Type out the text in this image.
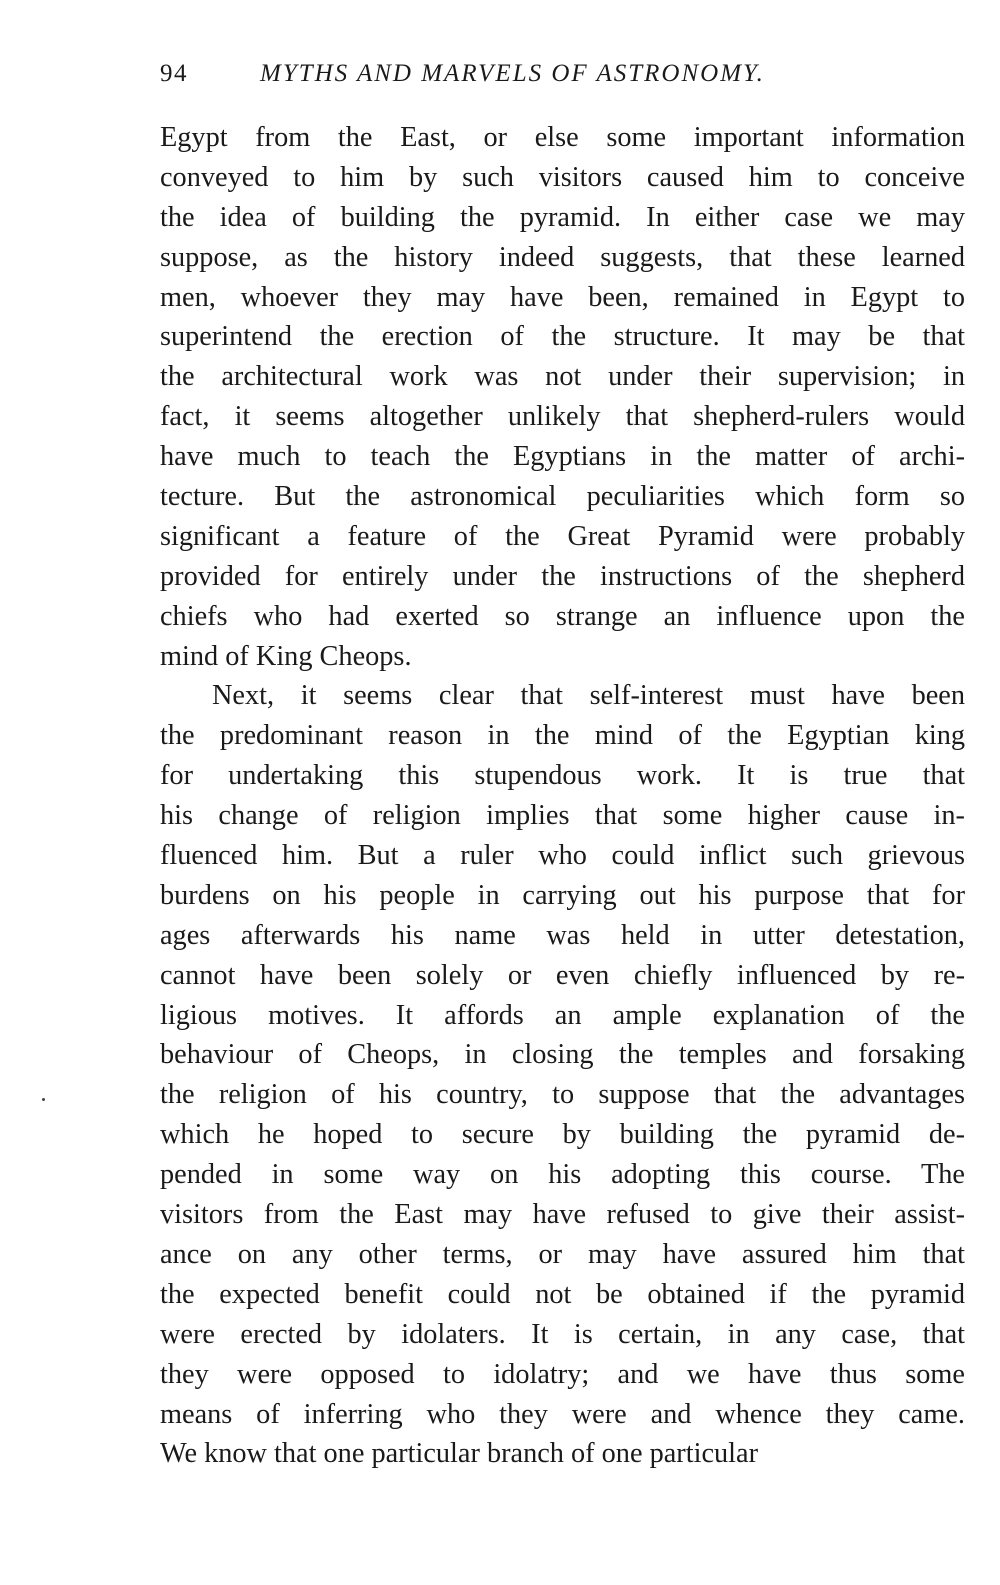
94	MYTHS AND MARVELS OF ASTRONOMY.
Egypt from the East, or else some important information
conveyed to him by such visitors caused him to conceive
the idea of building the pyramid. In either case we may
suppose, as the history indeed suggests, that these learned
men, whoever they may have been, remained in Egypt to
superintend the erection of the structure. It may be that
the architectural work was not under their supervision; in
fact, it seems altogether unlikely that shepherd-rulers would
have much to teach the Egyptians in the matter of archi-
tecture. But the astronomical peculiarities which form so
significant a feature of the Great Pyramid were probably
provided for entirely under the instructions of the shepherd
chiefs who had exerted so strange an influence upon the
mind of King Cheops.
Next, it seems clear that self-interest must have been
the predominant reason in the mind of the Egyptian king
for undertaking this stupendous work. It is true that
his change of religion implies that some higher cause in-
fluenced him. But a ruler who could inflict such grievous
burdens on his people in carrying out his purpose that for
ages afterwards his name was held in utter detestation,
cannot have been solely or even chiefly influenced by re-
ligious motives. It affords an ample explanation of the
behaviour of Cheops, in closing the temples and forsaking
the religion of his country, to suppose that the advantages
which he hoped to secure by building the pyramid de-
pended in some way on his adopting this course. The
visitors from the East may have refused to give their assist-
ance on any other terms, or may have assured him that
the expected benefit could not be obtained if the pyramid
were erected by idolaters. It is certain, in any case, that
they were opposed to idolatry; and we have thus some
means of inferring who they were and whence they came.
We know that one particular branch of one particular
